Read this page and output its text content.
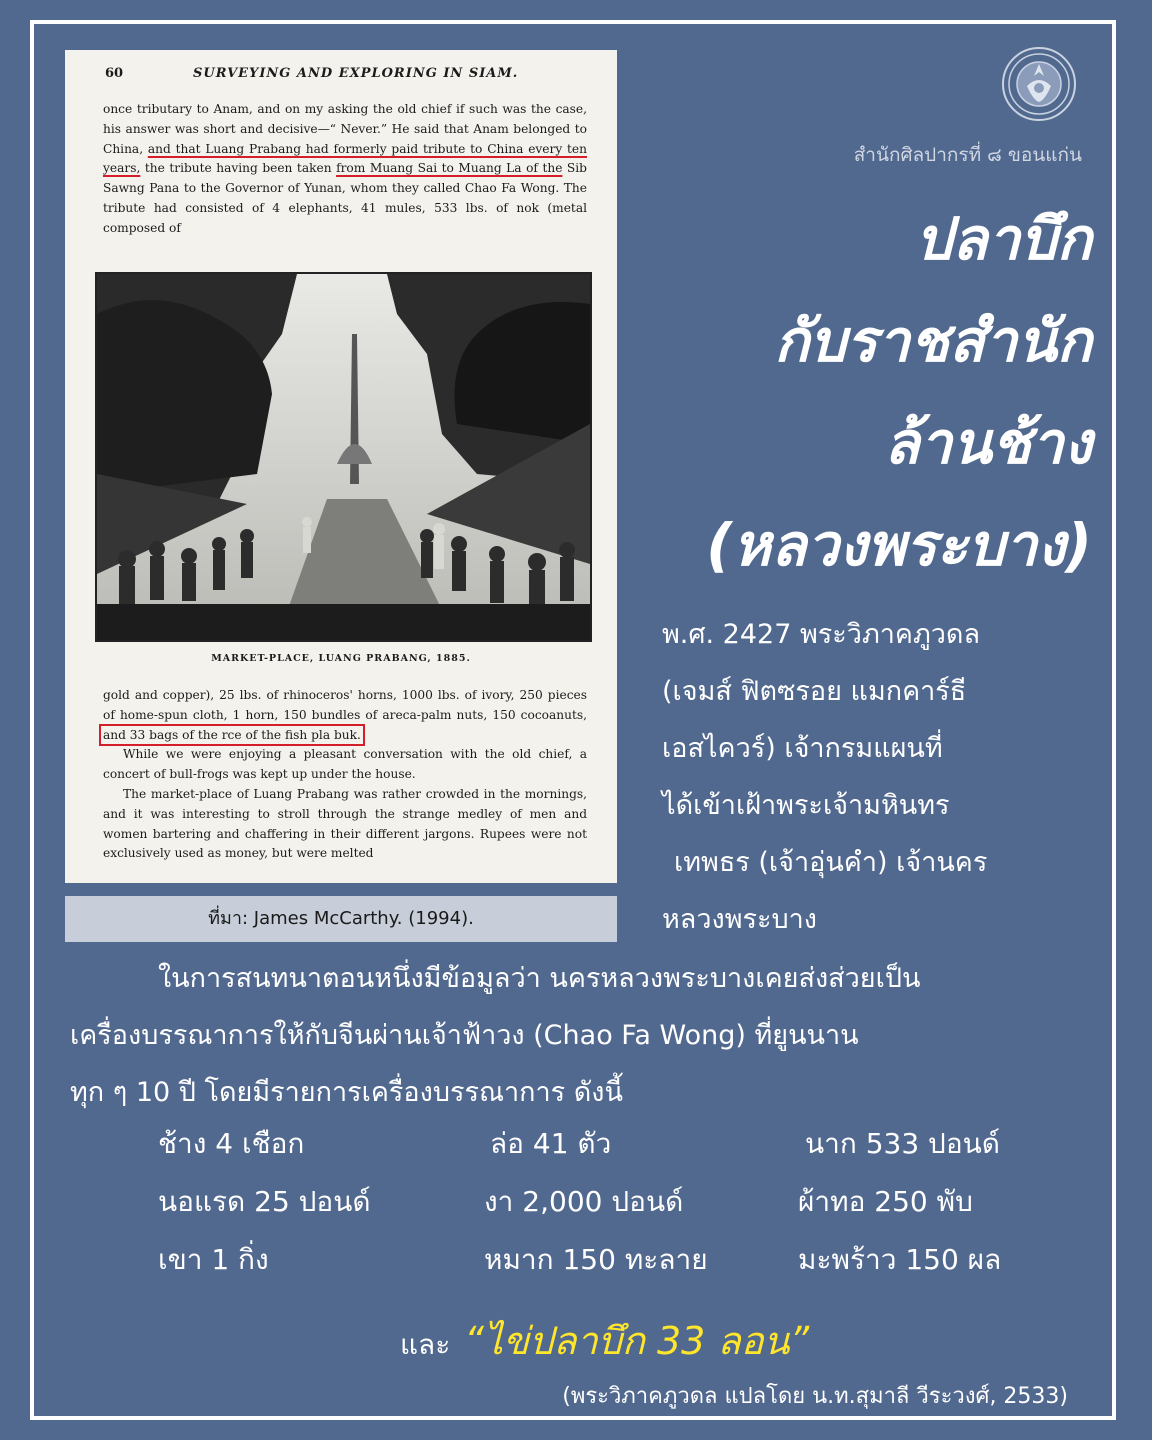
60	SURVEYING AND EXPLORING IN SIAM.

once tributary to Anam, and on my asking the old chief if such was the case, his answer was short and decisive—“ Never.” He said that Anam belonged to China, and that Luang Prabang had formerly paid tribute to China every ten years, the tribute having been taken from Muang Sai to Muang La of the Sib Sawng Pana to the Governor of Yunan, whom they called Chao Fa Wong. The tribute had consisted of 4 elephants, 41 mules, 533 lbs. of nok (metal composed of

MARKET-PLACE, LUANG PRABANG, 1885.

gold and copper), 25 lbs. of rhinoceros' horns, 1000 lbs. of ivory, 250 pieces of home-spun cloth, 1 horn, 150 bundles of areca-palm nuts, 150 cocoanuts, and 33 bags of the rce of the fish pla buk.

While we were enjoying a pleasant conversation with the old chief, a concert of bull-frogs was kept up under the house.

The market-place of Luang Prabang was rather crowded in the mornings, and it was interesting to stroll through the strange medley of men and women bartering and chaffering in their different jargons. Rupees were not exclusively used as money, but were melted

ที่มา: James McCarthy. (1994).
สำนักศิลปากรที่ ๘ ขอนแก่น
ปลาบึก
กับราชสำนัก
ล้านช้าง
(หลวงพระบาง)
พ.ศ. 2427 พระวิภาคภูวดล
(เจมส์ ฟิตซรอย แมกคาร์ธี
เอสไควร์) เจ้ากรมแผนที่
ได้เข้าเฝ้าพระเจ้ามหินทร
เทพธร (เจ้าอุ่นคำ) เจ้านคร
หลวงพระบาง
ในการสนทนาตอนหนึ่งมีข้อมูลว่า นครหลวงพระบางเคยส่งส่วยเป็น
เครื่องบรรณาการให้กับจีนผ่านเจ้าฟ้าวง (Chao Fa Wong) ที่ยูนนาน
ทุก ๆ 10 ปี โดยมีรายการเครื่องบรรณาการ ดังนี้
ช้าง 4 เชือก	ล่อ 41 ตัว	นาก 533 ปอนด์
นอแรด 25 ปอนด์	งา 2,000 ปอนด์	ผ้าทอ 250 พับ
เขา 1 กิ่ง	หมาก 150 ทะลาย	มะพร้าว 150 ผล
และ “ไข่ปลาบึก 33 ลอน”
(พระวิภาคภูวดล แปลโดย น.ท.สุมาลี วีระวงศ์, 2533)
